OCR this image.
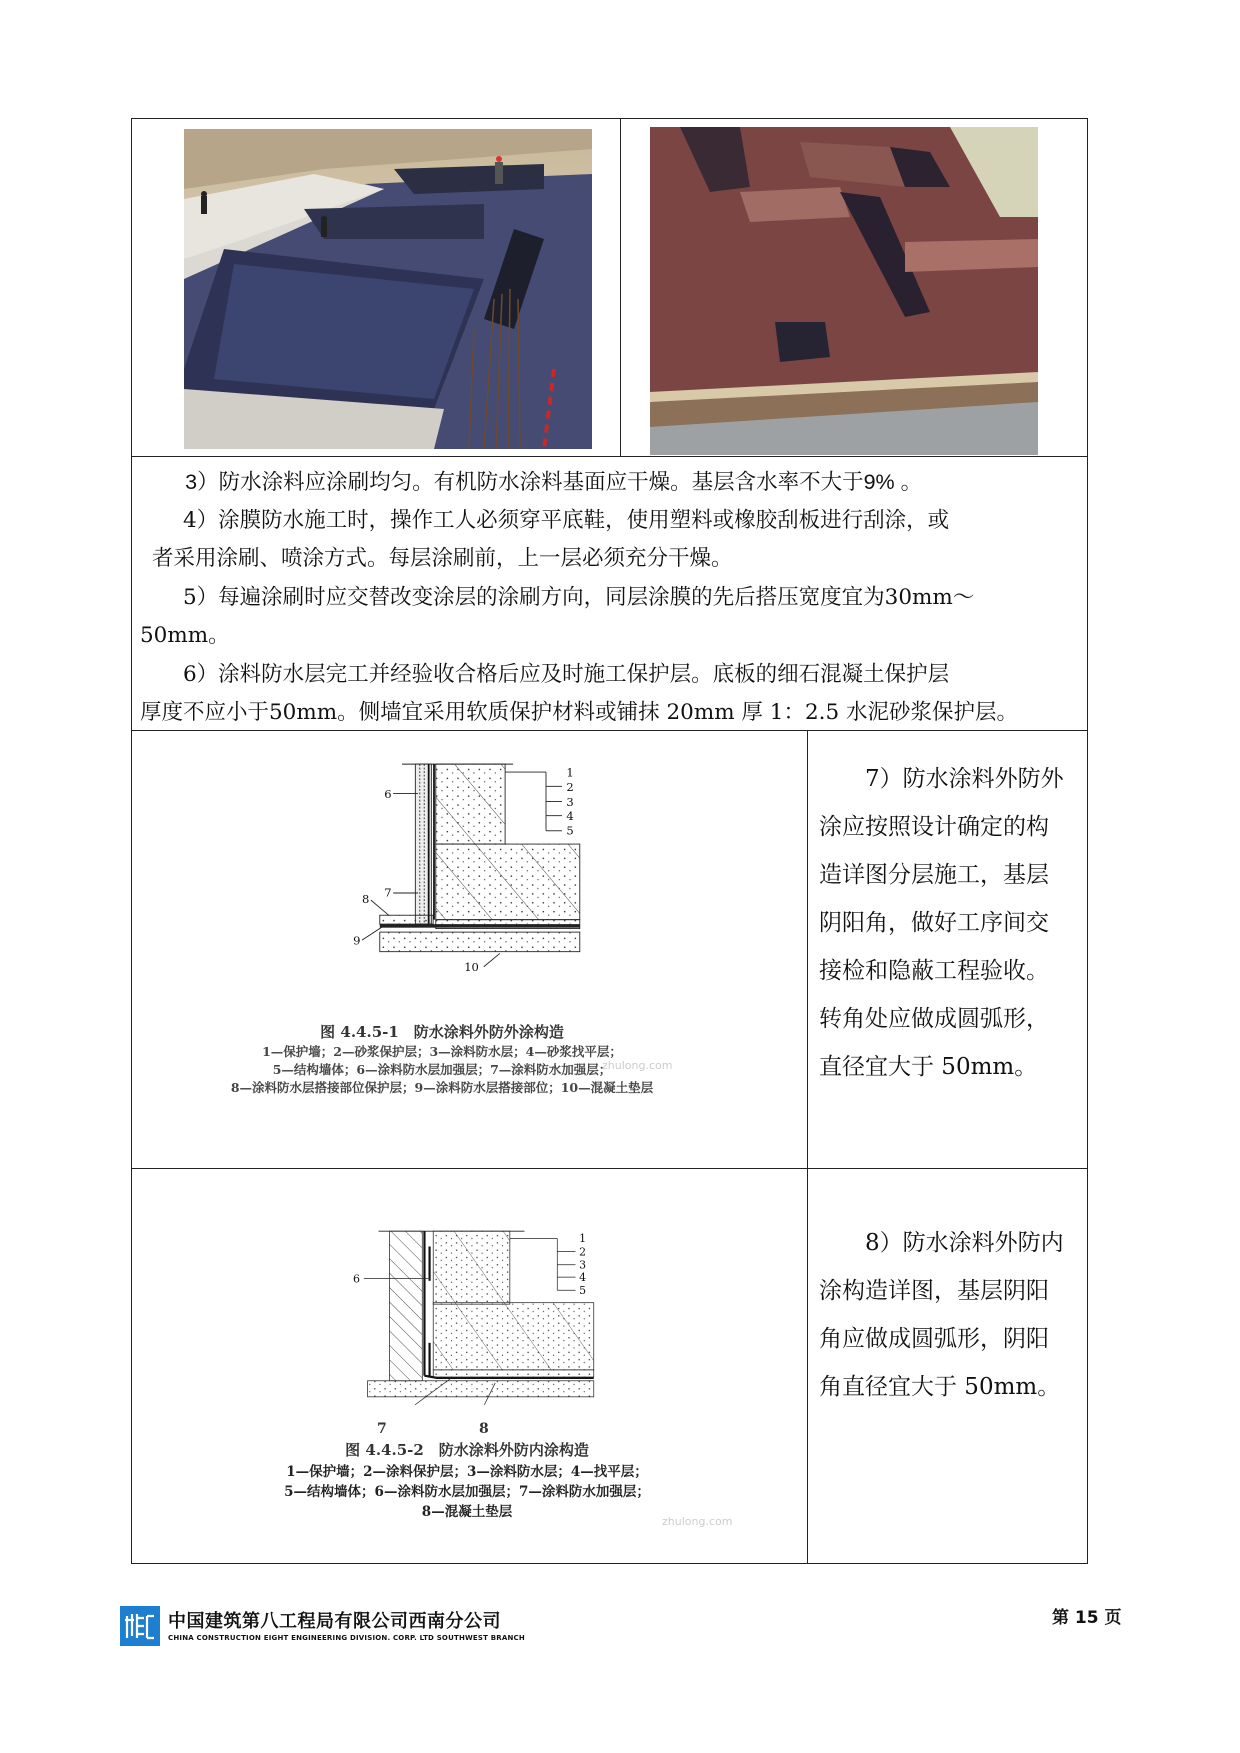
3）防水涂料应涂刷均匀。有机防水涂料基面应干燥。基层含水率不大于9% 。

4）涂膜防水施工时，操作工人必须穿平底鞋，使用塑料或橡胶刮板进行刮涂，或

者采用涂刷、喷涂方式。每层涂刷前，上一层必须充分干燥。

5）每遍涂刷时应交替改变涂层的涂刷方向，同层涂膜的先后搭压宽度宜为30mm～

50mm。

6）涂料防水层完工并经验收合格后应及时施工保护层。底板的细石混凝土保护层

厚度不应小于50mm。侧墙宜采用软质保护材料或铺抹 20mm 厚 1：2.5 水泥砂浆保护层。

1
2
3
4
5
6
7
8
9
10
图 4.4.5-1　防水涂料外防外涂构造
1—保护墙；2—砂浆保护层；3—涂料防水层；4—砂浆找平层；
5—结构墙体；6—涂料防水层加强层；7—涂料防水加强层；
8—涂料防水层搭接部位保护层；9—涂料防水层搭接部位；10—混凝土垫层
zhulong.com
7）防水涂料外防外
涂应按照设计确定的构
造详图分层施工，基层
阴阳角，做好工序间交
接检和隐蔽工程验收。
转角处应做成圆弧形，
直径宜大于 50mm。
1
2
3
4
5
6
7	8
图 4.4.5-2　防水涂料外防内涂构造
1—保护墙；2—涂料保护层；3—涂料防水层；4—找平层；
5—结构墙体；6—涂料防水层加强层；7—涂料防水加强层；
8—混凝土垫层
zhulong.com
8）防水涂料外防内
涂构造详图，基层阴阳
角应做成圆弧形，阴阳
角直径宜大于 50mm。
中国建筑第八工程局有限公司西南分公司
CHINA CONSTRUCTION EIGHT ENGINEERING DIVISION. CORP. LTD SOUTHWEST BRANCH
第 15 页
